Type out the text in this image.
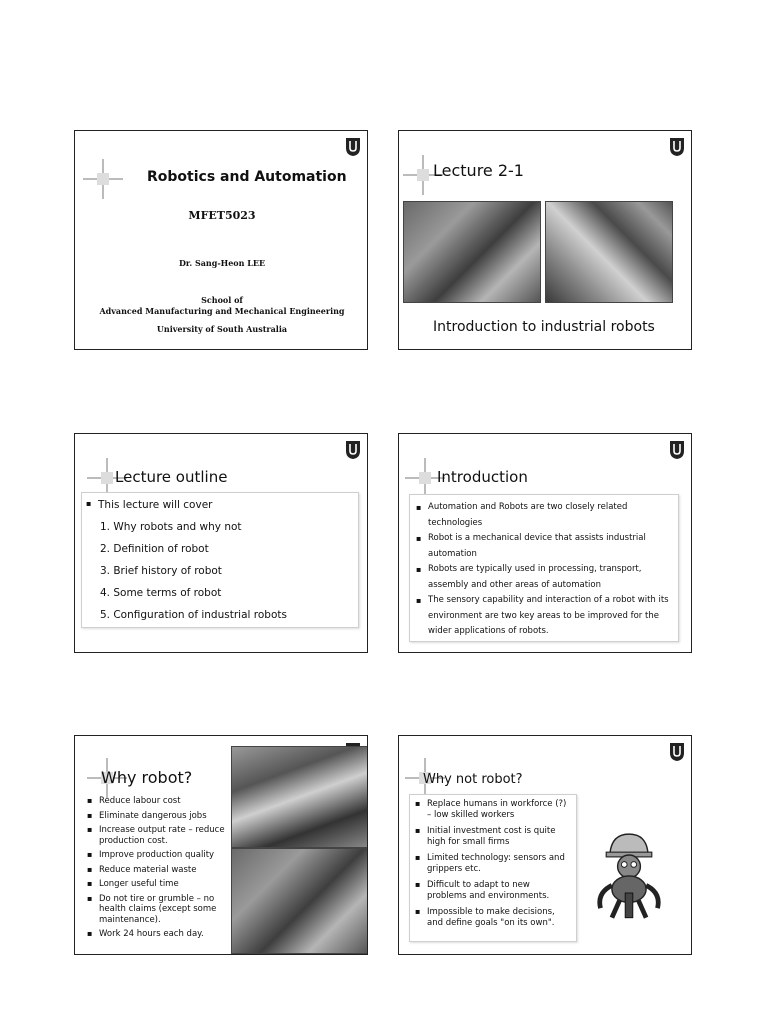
Robotics and Automation
MFET5023
Dr. Sang-Heon LEE
School of
Advanced Manufacturing and Mechanical Engineering
University of South Australia
Lecture 2-1
Introduction to industrial robots
Lecture outline
▪ This lecture will cover
1. Why robots and why not
2. Definition of robot
3. Brief history of robot
4. Some terms of robot
5. Configuration of industrial robots
Introduction
▪ Automation and Robots are two closely related technologies
▪ Robot is a mechanical device that assists industrial automation
▪ Robots are typically used in processing, transport, assembly and other areas of automation
▪ The sensory capability and interaction of a robot with its environment are two key areas to be improved for the wider applications of robots.
Why robot?
▪ Reduce labour cost
▪ Eliminate dangerous jobs
▪ Increase output rate – reduce production cost.
▪ Improve production quality
▪ Reduce material waste
▪ Longer useful time
▪ Do not tire or grumble – no health claims (except some maintenance).
▪ Work 24 hours each day.
Why not robot?
▪ Replace humans in workforce (?) – low skilled workers
▪ Initial investment cost is quite high for small firms
▪ Limited technology: sensors and grippers etc.
▪ Difficult to adapt to new problems and environments.
▪ Impossible to make decisions, and define goals "on its own".
